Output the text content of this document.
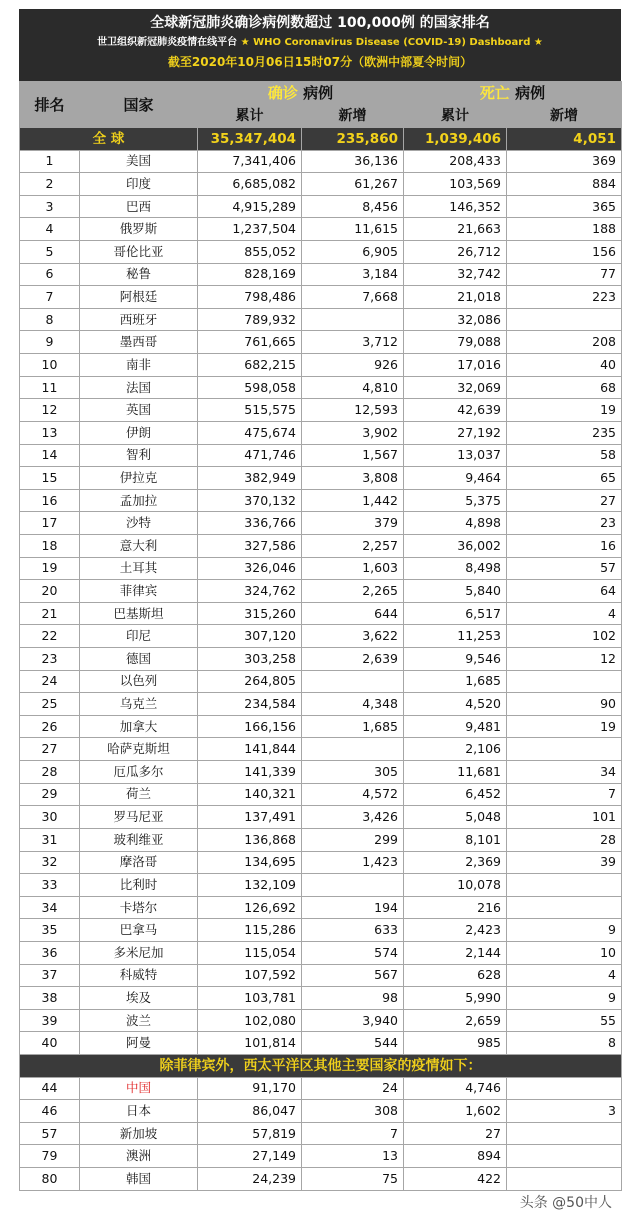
全球新冠肺炎确诊病例数超过 100,000例 的国家排名
世卫组织新冠肺炎疫情在线平台 ★ WHO Coronavirus Disease (COVID-19) Dashboard ★
截至2020年10月06日15时07分（欧洲中部夏令时间）
排名	国家	确诊 病例		死亡 病例	
		累计	新增	累计	新增
全 球		35,347,404	235,860	1,039,406	4,051
1	美国	7,341,406	36,136	208,433	369
2	印度	6,685,082	61,267	103,569	884
3	巴西	4,915,289	8,456	146,352	365
4	俄罗斯	1,237,504	11,615	21,663	188
5	哥伦比亚	855,052	6,905	26,712	156
6	秘鲁	828,169	3,184	32,742	77
7	阿根廷	798,486	7,668	21,018	223
8	西班牙	789,932		32,086	
9	墨西哥	761,665	3,712	79,088	208
10	南非	682,215	926	17,016	40
11	法国	598,058	4,810	32,069	68
12	英国	515,575	12,593	42,639	19
13	伊朗	475,674	3,902	27,192	235
14	智利	471,746	1,567	13,037	58
15	伊拉克	382,949	3,808	9,464	65
16	孟加拉	370,132	1,442	5,375	27
17	沙特	336,766	379	4,898	23
18	意大利	327,586	2,257	36,002	16
19	土耳其	326,046	1,603	8,498	57
20	菲律宾	324,762	2,265	5,840	64
21	巴基斯坦	315,260	644	6,517	4
22	印尼	307,120	3,622	11,253	102
23	德国	303,258	2,639	9,546	12
24	以色列	264,805		1,685	
25	乌克兰	234,584	4,348	4,520	90
26	加拿大	166,156	1,685	9,481	19
27	哈萨克斯坦	141,844		2,106	
28	厄瓜多尔	141,339	305	11,681	34
29	荷兰	140,321	4,572	6,452	7
30	罗马尼亚	137,491	3,426	5,048	101
31	玻利维亚	136,868	299	8,101	28
32	摩洛哥	134,695	1,423	2,369	39
33	比利时	132,109		10,078	
34	卡塔尔	126,692	194	216	
35	巴拿马	115,286	633	2,423	9
36	多米尼加	115,054	574	2,144	10
37	科威特	107,592	567	628	4
38	埃及	103,781	98	5,990	9
39	波兰	102,080	3,940	2,659	55
40	阿曼	101,814	544	985	8
除菲律宾外，西太平洋区其他主要国家的疫情如下：					
44	中国	91,170	24	4,746	
46	日本	86,047	308	1,602	3
57	新加坡	57,819	7	27	
79	澳洲	27,149	13	894	
80	韩国	24,239	75	422	
头条 @50中人
